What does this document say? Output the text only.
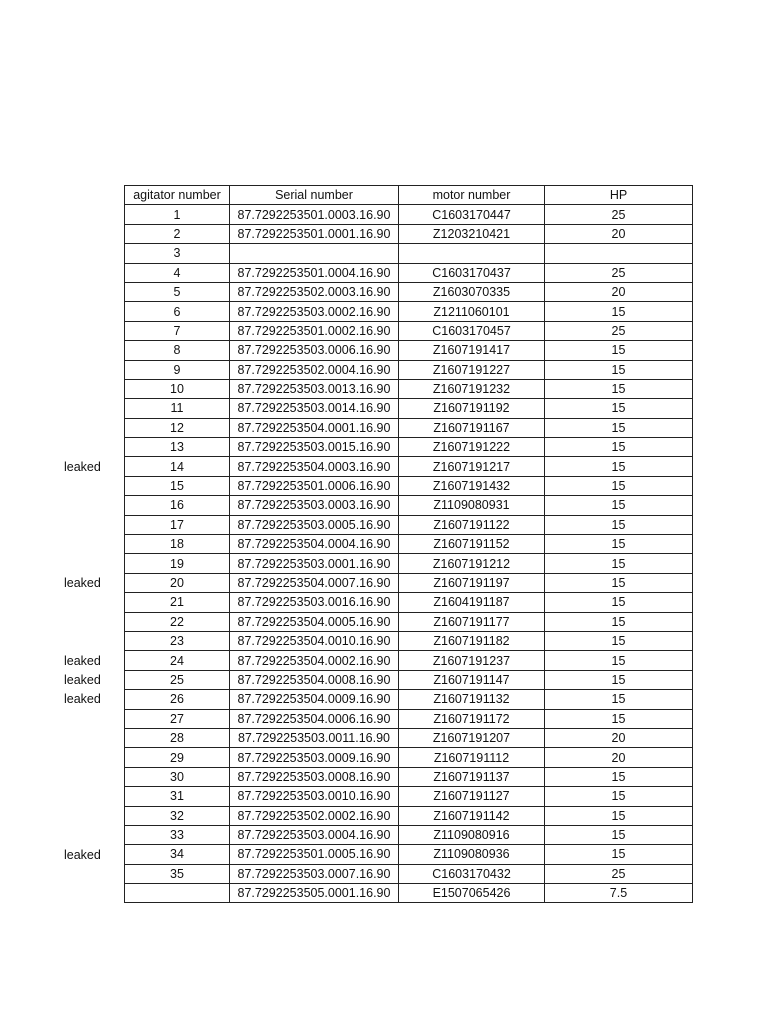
agitator number	Serial number	motor number	HP
1	87.7292253501.0003.16.90	C1603170447	25
2	87.7292253501.0001.16.90	Z1203210421	20
3			
4	87.7292253501.0004.16.90	C1603170437	25
5	87.7292253502.0003.16.90	Z1603070335	20
6	87.7292253503.0002.16.90	Z1211060101	15
7	87.7292253501.0002.16.90	C1603170457	25
8	87.7292253503.0006.16.90	Z1607191417	15
9	87.7292253502.0004.16.90	Z1607191227	15
10	87.7292253503.0013.16.90	Z1607191232	15
11	87.7292253503.0014.16.90	Z1607191192	15
12	87.7292253504.0001.16.90	Z1607191167	15
13	87.7292253503.0015.16.90	Z1607191222	15
14	87.7292253504.0003.16.90	Z1607191217	15
15	87.7292253501.0006.16.90	Z1607191432	15
16	87.7292253503.0003.16.90	Z1109080931	15
17	87.7292253503.0005.16.90	Z1607191122	15
18	87.7292253504.0004.16.90	Z1607191152	15
19	87.7292253503.0001.16.90	Z1607191212	15
20	87.7292253504.0007.16.90	Z1607191197	15
21	87.7292253503.0016.16.90	Z1604191187	15
22	87.7292253504.0005.16.90	Z1607191177	15
23	87.7292253504.0010.16.90	Z1607191182	15
24	87.7292253504.0002.16.90	Z1607191237	15
25	87.7292253504.0008.16.90	Z1607191147	15
26	87.7292253504.0009.16.90	Z1607191132	15
27	87.7292253504.0006.16.90	Z1607191172	15
28	87.7292253503.0011.16.90	Z1607191207	20
29	87.7292253503.0009.16.90	Z1607191112	20
30	87.7292253503.0008.16.90	Z1607191137	15
31	87.7292253503.0010.16.90	Z1607191127	15
32	87.7292253502.0002.16.90	Z1607191142	15
33	87.7292253503.0004.16.90	Z1109080916	15
34	87.7292253501.0005.16.90	Z1109080936	15
35	87.7292253503.0007.16.90	C1603170432	25
	87.7292253505.0001.16.90	E1507065426	7.5
leaked
leaked
leaked
leaked
leaked
leaked
